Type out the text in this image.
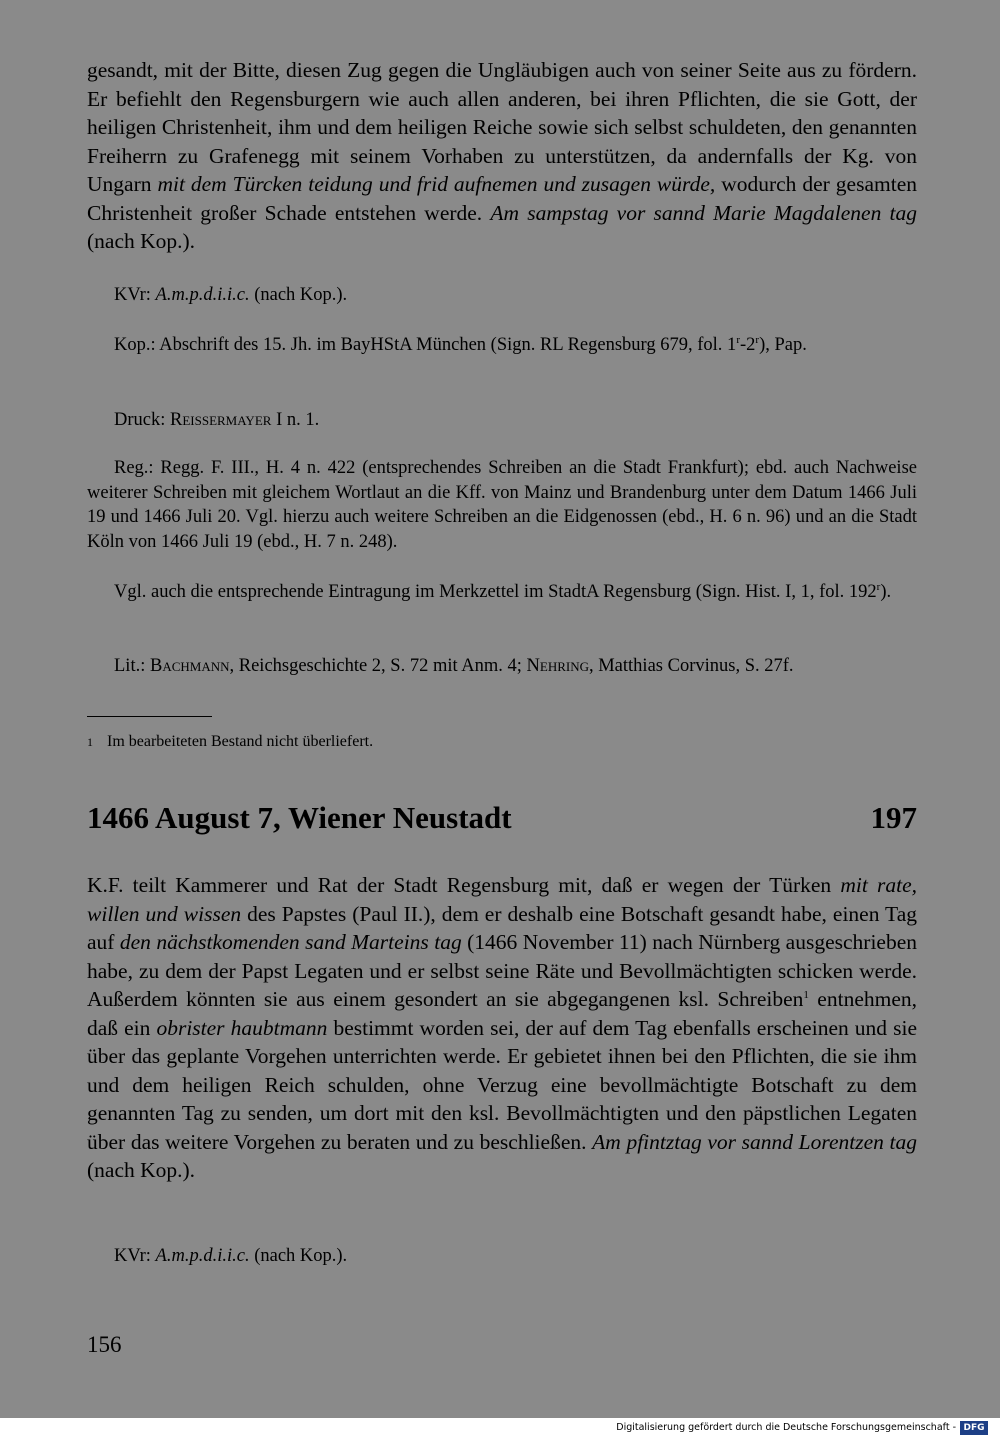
gesandt, mit der Bitte, diesen Zug gegen die Ungläubigen auch von seiner Seite aus zu fördern. Er befiehlt den Regensburgern wie auch allen anderen, bei ihren Pflichten, die sie Gott, der heiligen Christenheit, ihm und dem heiligen Reiche sowie sich selbst schuldeten, den genannten Freiherrn zu Grafenegg mit seinem Vorhaben zu unterstützen, da andernfalls der Kg. von Ungarn mit dem Türcken teidung und frid aufnemen und zusagen würde, wodurch der gesamten Christenheit großer Schade entstehen werde. Am sampstag vor sannd Marie Magdalenen tag (nach Kop.).

KVr: A.m.p.d.i.i.c. (nach Kop.).

Kop.: Abschrift des 15. Jh. im BayHStA München (Sign. RL Regensburg 679, fol. 1$^r$-2$^r$), Pap.

Druck: Reissermayer I n. 1.

Reg.: Regg. F. III., H. 4 n. 422 (entsprechendes Schreiben an die Stadt Frankfurt); ebd. auch Nachweise weiterer Schreiben mit gleichem Wortlaut an die Kff. von Mainz und Brandenburg unter dem Datum 1466 Juli 19 und 1466 Juli 20. Vgl. hierzu auch weitere Schreiben an die Eidgenossen (ebd., H. 6 n. 96) und an die Stadt Köln von 1466 Juli 19 (ebd., H. 7 n. 248).

Vgl. auch die entsprechende Eintragung im Merkzettel im StadtA Regensburg (Sign. Hist. I, 1, fol. 192$^r$).

Lit.: Bachmann, Reichsgeschichte 2, S. 72 mit Anm. 4; Nehring, Matthias Corvinus, S. 27f.

1 Im bearbeiteten Bestand nicht überliefert.

1466 August 7, Wiener Neustadt	197

K.F. teilt Kammerer und Rat der Stadt Regensburg mit, daß er wegen der Türken mit rate, willen und wissen des Papstes (Paul II.), dem er deshalb eine Botschaft gesandt habe, einen Tag auf den nächstkomenden sand Marteins tag (1466 November 11) nach Nürnberg ausgeschrieben habe, zu dem der Papst Legaten und er selbst seine Räte und Bevollmächtigten schicken werde. Außerdem könnten sie aus einem gesondert an sie abgegangenen ksl. Schreiben$^1$ entnehmen, daß ein obrister haubtmann bestimmt worden sei, der auf dem Tag ebenfalls erscheinen und sie über das geplante Vorgehen unterrichten werde. Er gebietet ihnen bei den Pflichten, die sie ihm und dem heiligen Reich schulden, ohne Verzug eine bevollmächtigte Botschaft zu dem genannten Tag zu senden, um dort mit den ksl. Bevollmächtigten und den päpstlichen Legaten über das weitere Vorgehen zu beraten und zu beschließen. Am pfintztag vor sannd Lorentzen tag (nach Kop.).

KVr: A.m.p.d.i.i.c. (nach Kop.).

156

Digitalisierung gefördert durch die Deutsche Forschungsgemeinschaft - DFG
